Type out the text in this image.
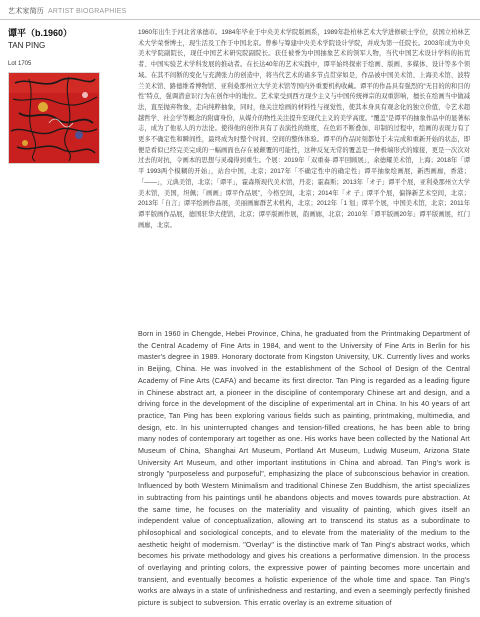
艺术家简历 ARTIST BIOGRAPHIES
谭平（b.1960）
TAN PING
Lot 1705

1960年出生于河北省承德市。1984年毕业于中央美术学院版画系，1989年赴柏林艺术大学进修硕士学位，获国立柏林艺术大学荣誉博士，现生活及工作于中国北京。曾参与筹建中央美术学院设计学院，并成为第一任院长。2003年成为中央美术学院副院长，现任中国艺术研究院副院长。获任被誉为中国抽象艺术的领军人物，当代中国艺术设计学科的拓荒者、中国实验艺术学科发展的推动者。在长达40年的艺术实践中，谭平始终探索于绘画、版画、多媒体、设计等多个领域。在其不间断的变化与充满张力的创造中，将当代艺术的诸多节点贯穿如是，作品被中国美术馆、上海美术馆、波特兰美术馆、路德维希博物馆、亚利桑那州立大学美术馆等国内外重要机构收藏。谭平的作品具有强烈的“无目的的和目的性”特点，强调潜意识行为在创作中的地位。艺术家受到西方现少主义与中国传统禅宗的双重影响，擅长在绘画当中做减法，直至抛弃物象，走向纯粹抽象，同时，他关注绘画的材料性与视觉性，使其本身具有观念化的独立价值，令艺术超越哲学、社会学等概念的附庸身份，从媒介的物性关注提升至现代主义的美学高度。“覆盖”是谭平的抽象作品中的显著标志，成为了他私人的方法论。使得他的创作具有了表演性的维度，在色彩不断叠加、印制的过程中，绘画的表现力有了更多不确定性和瞬间性，最终成为时整个时间、空间的整体体验。谭平的作品时刻都处于未完成和重新开始的状态，即便是看似已经完美完成的一幅画面也存在被颠覆的可能性，这种反复无常的覆盖是一种极端形式的嫁接，更是一次次对过去的对抗，令画本的思想与灵魂得到重生。个展：2019年「双重奏·谭平回顾展」，余德耀美术馆，上海；2018年「谭平 1993两个模糊的开始」，站台中国，北京；2017年「不确定性中的确定性」谭平抽象绘画展，新西画廊，香港；「——」，元典美馆，北京；「谭平」，霍森斯现代美术馆，丹麦；霍森斯；2013年「オ子」谭平个展，亚利桑那州立大学美术馆，美国，坦佩；「画画」谭平作品展”，今格空间，北京；2014年「オ 子」谭平个展，偏锋新艺术空间，北京；2013年「自言」谭平绘画作品展，美丽画廊群艺术机构，北京；2012年「1 划」谭平个展，中国美术馆，北京；2011年谭平版画作品展，德国驻华大使馆，北京；谭平版画作展，韵画廊，北京；2010年「谭平版画20年」谭平版画展，红门画廊，北京。

Born in 1960 in Chengde, Hebei Province, China, he graduated from the Printmaking Department of the Central Academy of Fine Arts in 1984, and went to the University of Fine Arts in Berlin for his master's degree in 1989. Honorary doctorate from Kingston University, UK. Currently lives and works in Beijing, China. He was involved in the establishment of the School of Design of the Central Academy of Fine Arts (CAFA) and became its first director. Tan Ping is regarded as a leading figure in Chinese abstract art, a pioneer in the discipline of contemporary Chinese art and design, and a driving force in the development of the discipline of experimental art in China. In his 40 years of art practice, Tan Ping has been exploring various fields such as painting, printmaking, multimedia, and design, etc. In his uninterrupted changes and tension-filled creations, he has been able to bring many nodes of contemporary art together as one. His works have been collected by the National Art Museum of China, Shanghai Art Museum, Portland Art Museum, Ludwig Museum, Arizona State University Art Museum, and other important institutions in China and abroad. Tan Ping's work is strongly "purposeless and purposeful", emphasizing the place of subconscious behavior in creation. Influenced by both Western Minimalism and traditional Chinese Zen Buddhism, the artist specializes in subtracting from his paintings until he abandons objects and moves towards pure abstraction. At the same time, he focuses on the materiality and visuality of painting, which gives itself an independent value of conceptualization, allowing art to transcend its status as a subordinate to philosophical and sociological concepts, and to elevate from the materiality of the medium to the aesthetic height of modernism. "Overlay" is the distinctive mark of Tan Ping's abstract works, which becomes his private methodology and gives his creations a performative dimension. In the process of overlaying and printing colors, the expressive power of painting becomes more uncertain and transient, and eventually becomes a holistic experience of the whole time and space. Tan Ping's works are always in a state of unfinishedness and restarting, and even a seemingly perfectly finished picture is subject to subversion. This erratic overlay is an extreme situation of
